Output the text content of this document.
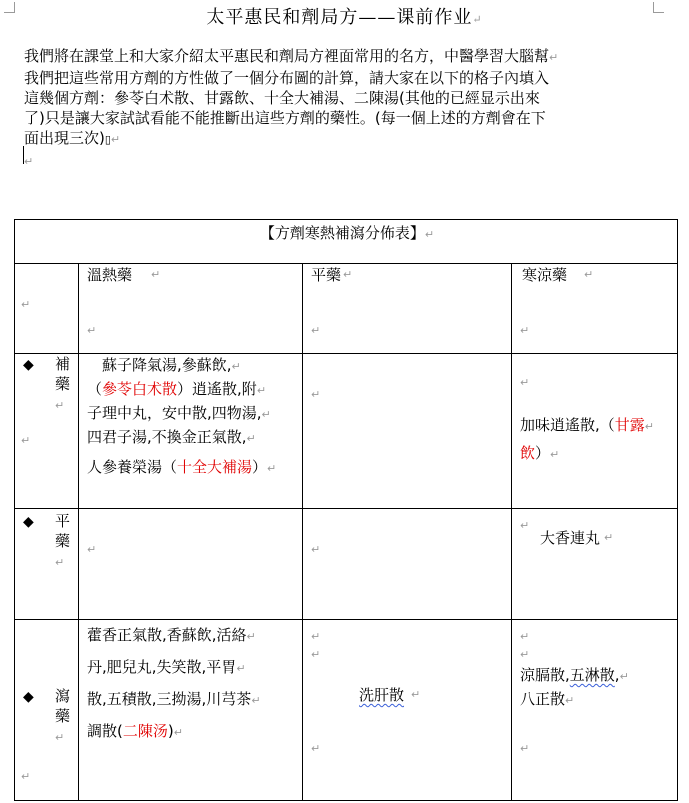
太平惠民和劑局方——课前作业↵
我們將在課堂上和大家介紹太平惠民和劑局方裡面常用的名方，中醫學習大腦幫↵
我們把這些常用方劑的方性做了一個分布圖的計算，請大家在以下的格子內填入
這幾個方劑：參苓白术散、甘露飲、十全大補湯、二陳湯(其他的已經显示出來
了)只是讓大家試試看能不能推斷出這些方劑的藥性。(每一個上述的方劑會在下
面出現三次)▯↵
↵
【方劑寒熱補瀉分佈表】↵
↵
溫熱藥 ↵
↵
平藥 ↵
↵
寒涼藥 ↵
↵
◆ 補
藥↵
↵
　蘇子降氣湯,參蘇飲,↵
（參苓白术散）逍遙散,附↵
子理中丸，安中散,四物湯,↵
四君子湯,不換金正氣散,↵
人參養榮湯（十全大補湯）↵
↵
↵
加味逍遙散,（甘露↵
飲）↵
◆ 平
藥↵
↵	↵
↵
大香連丸 ↵
◆ 瀉
藥↵
↵
藿香正氣散,香蘇飲,活絡↵
丹,肥兒丸,失笑散,平胃↵
散,五積散,三拗湯,川芎茶↵
調散(二陳汤)↵
↵
↵
洗肝散 ↵
↵
↵
↵
涼膈散,五淋散,↵
八正散↵
↵
